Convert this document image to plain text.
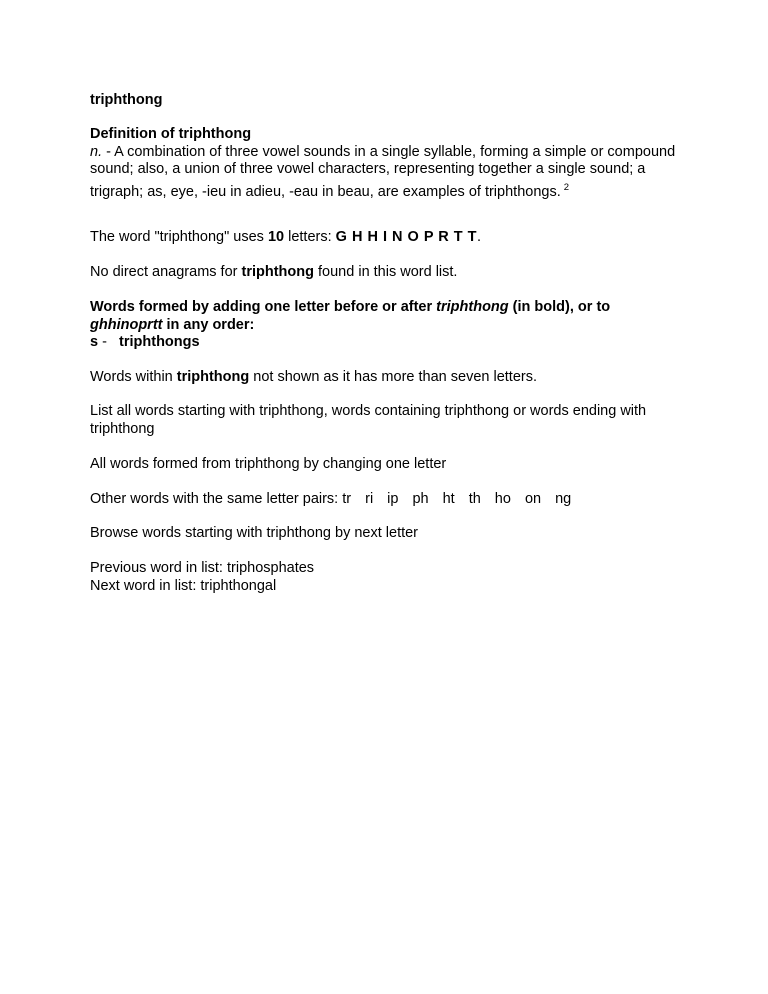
triphthong

Definition of triphthong

n. - A combination of three vowel sounds in a single syllable, forming a simple or compound sound; also, a union of three vowel characters, representing together a single sound; a trigraph; as, eye, -ieu in adieu, -eau in beau, are examples of triphthongs. $^2$

The word "triphthong" uses 10 letters: G H H I N O P R T T.

No direct anagrams for triphthong found in this word list.

Words formed by adding one letter before or after triphthong (in bold), or to
ghhinoprtt in any order:

s -   triphthongs

Words within triphthong not shown as it has more than seven letters.

List all words starting with triphthong, words containing triphthong or words ending with triphthong

All words formed from triphthong by changing one letter

Other words with the same letter pairs: tr ri ip ph ht th ho on ng

Browse words starting with triphthong by next letter

Previous word in list: triphosphates

Next word in list: triphthongal
